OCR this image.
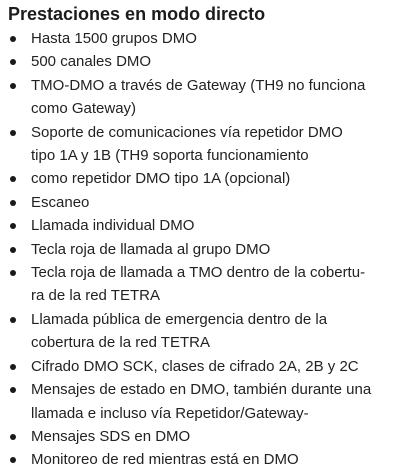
Prestaciones en modo directo
Hasta 1500 grupos DMO
500 canales DMO
TMO-DMO a través de Gateway (TH9 no funciona
como Gateway)
Soporte de comunicaciones vía repetidor DMO
tipo 1A y 1B (TH9 soporta funcionamiento
como repetidor DMO tipo 1A (opcional)
Escaneo
Llamada individual DMO
Tecla roja de llamada al grupo DMO
Tecla roja de llamada a TMO dentro de la cobertu-
ra de la red TETRA
Llamada pública de emergencia dentro de la
cobertura de la red TETRA
Cifrado DMO SCK, clases de cifrado 2A, 2B y 2C
Mensajes de estado en DMO, también durante una
llamada e incluso vía Repetidor/Gateway-
Mensajes SDS en DMO
Monitoreo de red mientras está en DMO
